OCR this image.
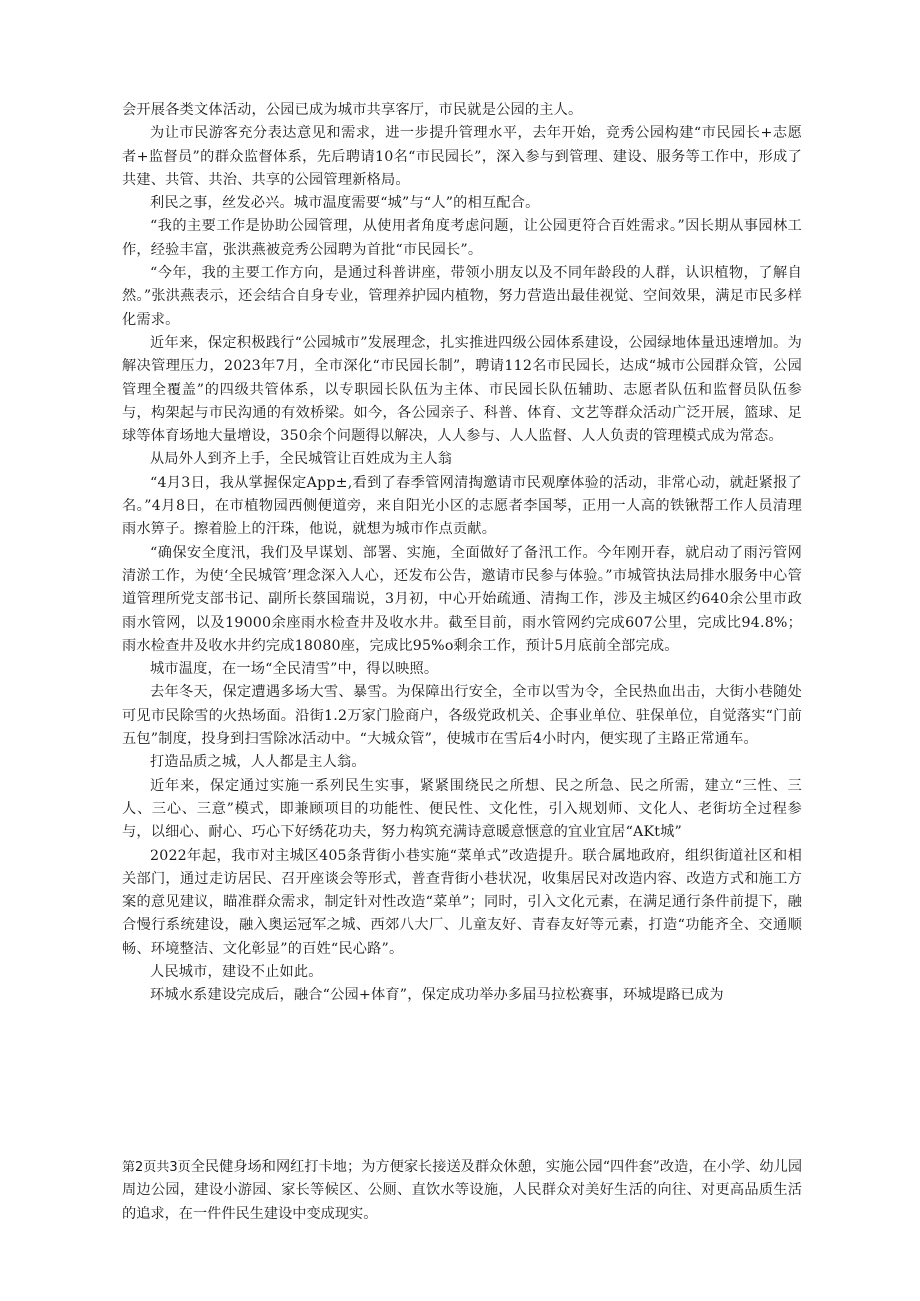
会开展各类文体活动，公园已成为城市共享客厅，市民就是公园的主人。

为让市民游客充分表达意见和需求，进一步提升管理水平，去年开始，竞秀公园构建“市民园长+志愿者+监督员”的群众监督体系，先后聘请10名“市民园长”，深入参与到管理、建设、服务等工作中，形成了共建、共管、共治、共享的公园管理新格局。

利民之事，丝发必兴。城市温度需要“城”与“人”的相互配合。

“我的主要工作是协助公园管理，从使用者角度考虑问题，让公园更符合百姓需求。”因长期从事园林工作，经验丰富，张洪燕被竞秀公园聘为首批“市民园长”。

“今年，我的主要工作方向，是通过科普讲座，带领小朋友以及不同年龄段的人群，认识植物，了解自然。”张洪燕表示，还会结合自身专业，管理养护园内植物，努力营造出最佳视觉、空间效果，满足市民多样化需求。

近年来，保定积极践行“公园城市”发展理念，扎实推进四级公园体系建设，公园绿地体量迅速增加。为解决管理压力，2023年7月，全市深化“市民园长制”，聘请112名市民园长，达成“城市公园群众管，公园管理全覆盖”的四级共管体系，以专职园长队伍为主体、市民园长队伍辅助、志愿者队伍和监督员队伍参与，构架起与市民沟通的有效桥梁。如今，各公园亲子、科普、体育、文艺等群众活动广泛开展，篮球、足球等体育场地大量增设，350余个问题得以解决，人人参与、人人监督、人人负责的管理模式成为常态。

从局外人到齐上手，全民城管让百姓成为主人翁

“4月3日，我从掌握保定App±,看到了春季管网清掏邀请市民观摩体验的活动，非常心动，就赶紧报了名。”4月8日，在市植物园西侧便道旁，来自阳光小区的志愿者李国琴，正用一人高的铁锹帮工作人员清理雨水箅子。擦着脸上的汗珠，他说，就想为城市作点贡献。

“确保安全度汛，我们及早谋划、部署、实施，全面做好了备汛工作。今年刚开春，就启动了雨污管网清淤工作，为使‘全民城管’理念深入人心，还发布公告，邀请市民参与体验。”市城管执法局排水服务中心管道管理所党支部书记、副所长蔡国瑞说，3月初，中心开始疏通、清掏工作，涉及主城区约640余公里市政雨水管网，以及19000余座雨水检查井及收水井。截至目前，雨水管网约完成607公里，完成比94.8%；雨水检查井及收水井约完成18080座，完成比95%o剩余工作，预计5月底前全部完成。

城市温度，在一场“全民清雪”中，得以映照。

去年冬天，保定遭遇多场大雪、暴雪。为保障出行安全，全市以雪为令，全民热血出击，大街小巷随处可见市民除雪的火热场面。沿街1.2万家门脸商户，各级党政机关、企事业单位、驻保单位，自觉落实“门前五包”制度，投身到扫雪除冰活动中。“大城众管”，使城市在雪后4小时内，便实现了主路正常通车。

打造品质之城，人人都是主人翁。

近年来，保定通过实施一系列民生实事，紧紧围绕民之所想、民之所急、民之所需，建立“三性、三人、三心、三意”模式，即兼顾项目的功能性、便民性、文化性，引入规划师、文化人、老街坊全过程参与，以细心、耐心、巧心下好绣花功夫，努力构筑充满诗意暖意惬意的宜业宜居“AKt城”

2022年起，我市对主城区405条背街小巷实施“菜单式”改造提升。联合属地政府，组织街道社区和相关部门，通过走访居民、召开座谈会等形式，普查背街小巷状况，收集居民对改造内容、改造方式和施工方案的意见建议，瞄准群众需求，制定针对性改造“菜单”；同时，引入文化元素，在满足通行条件前提下，融合慢行系统建设，融入奥运冠军之城、西郊八大厂、儿童友好、青春友好等元素，打造“功能齐全、交通顺畅、环境整洁、文化彰显”的百姓“民心路”。

人民城市，建设不止如此。

环城水系建设完成后，融合“公园+体育”，保定成功举办多届马拉松赛事，环城堤路已成为

第2页共3页全民健身场和网红打卡地；为方便家长接送及群众休憩，实施公园“四件套”改造，在小学、幼儿园周边公园，建设小游园、家长等候区、公厕、直饮水等设施，人民群众对美好生活的向往、对更高品质生活的追求，在一件件民生建设中变成现实。
